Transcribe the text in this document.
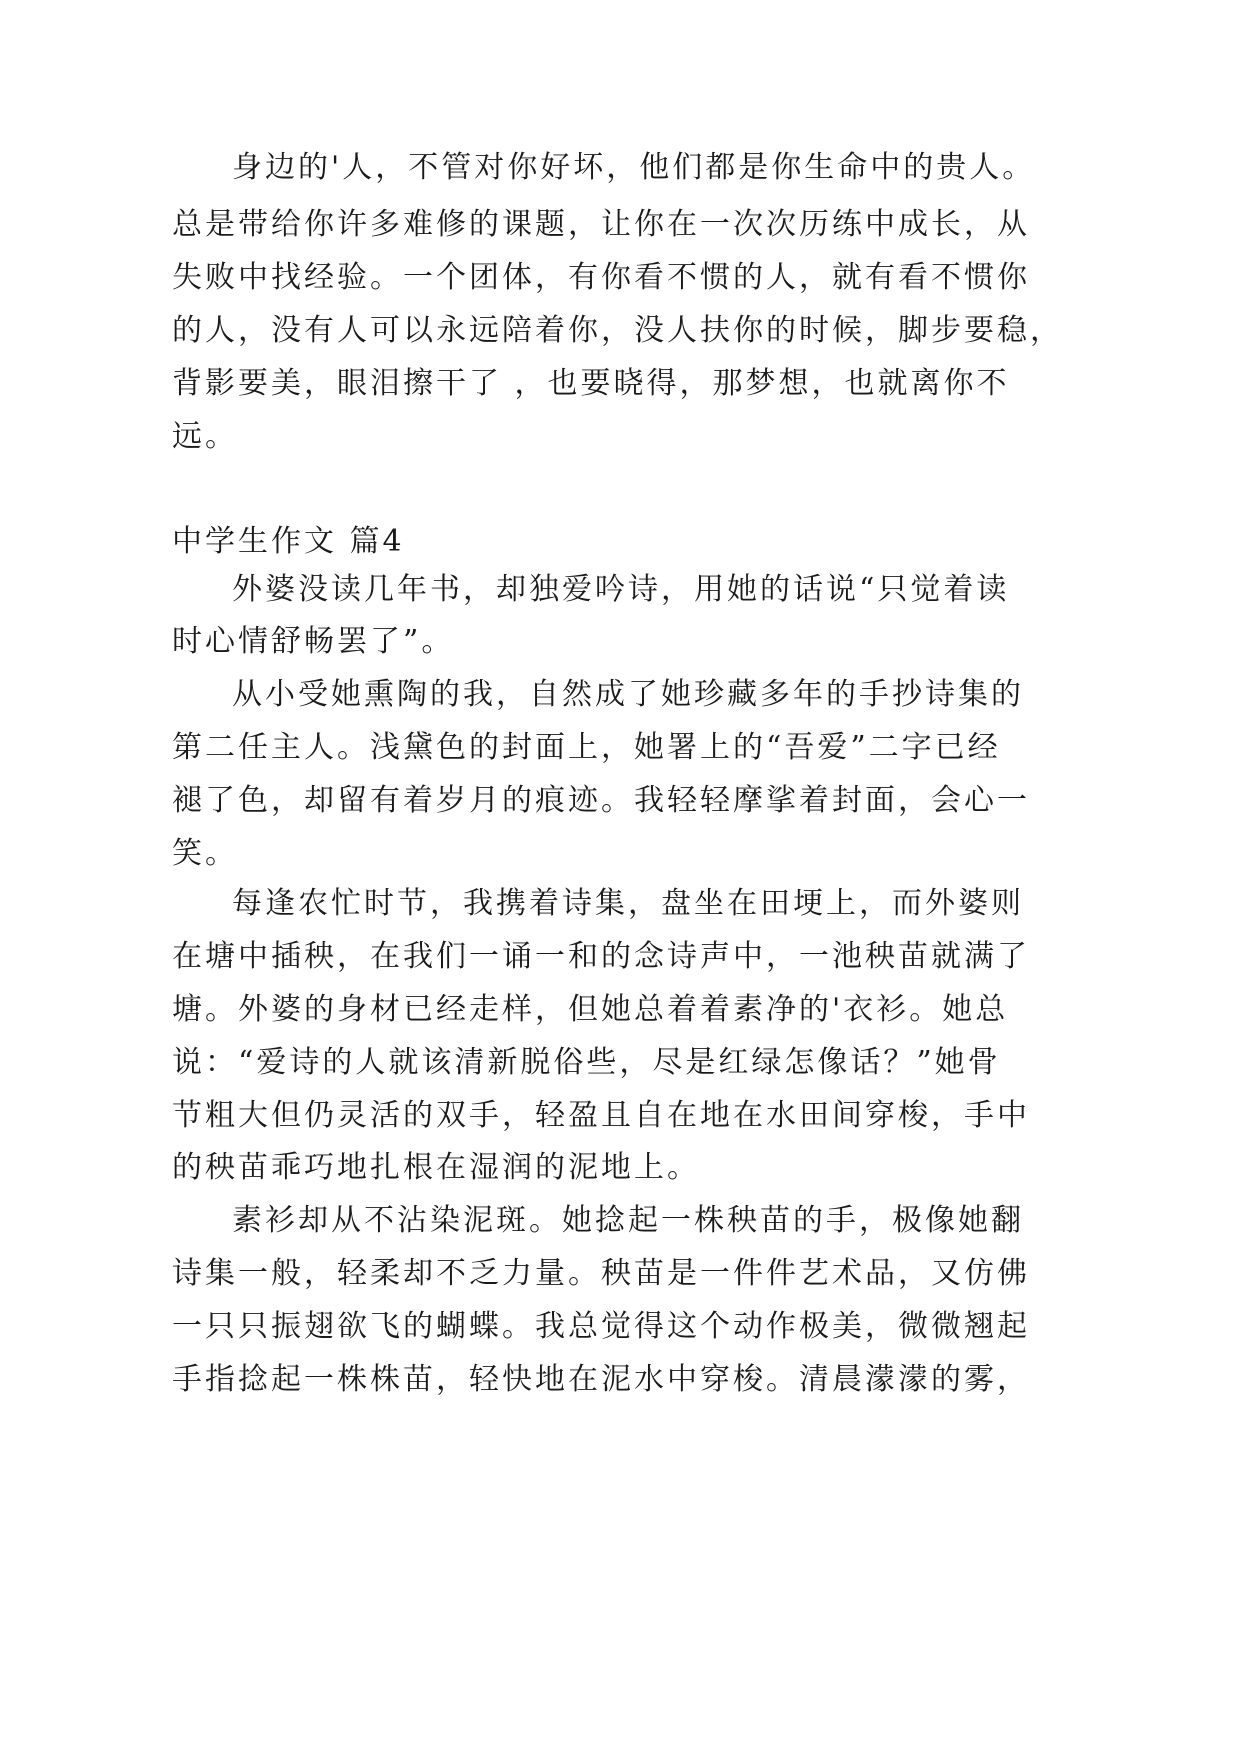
身边的'人，不管对你好坏，他们都是你生命中的贵人。
总是带给你许多难修的课题，让你在一次次历练中成长，从
失败中找经验。一个团体，有你看不惯的人，就有看不惯你
的人，没有人可以永远陪着你，没人扶你的时候，脚步要稳，
背影要美，眼泪擦干了 ，也要晓得，那梦想，也就离你不
远。
中学生作文 篇4
外婆没读几年书，却独爱吟诗，用她的话说“只觉着读
时心情舒畅罢了”。
从小受她熏陶的我，自然成了她珍藏多年的手抄诗集的
第二任主人。浅黛色的封面上，她署上的“吾爱”二字已经
褪了色，却留有着岁月的痕迹。我轻轻摩挲着封面，会心一
笑。
每逢农忙时节，我携着诗集，盘坐在田埂上，而外婆则
在塘中插秧，在我们一诵一和的念诗声中，一池秧苗就满了
塘。外婆的身材已经走样，但她总着着素净的'衣衫。她总
说：“爱诗的人就该清新脱俗些，尽是红绿怎像话？”她骨
节粗大但仍灵活的双手，轻盈且自在地在水田间穿梭，手中
的秧苗乖巧地扎根在湿润的泥地上。
素衫却从不沾染泥斑。她捻起一株秧苗的手，极像她翻
诗集一般，轻柔却不乏力量。秧苗是一件件艺术品，又仿佛
一只只振翅欲飞的蝴蝶。我总觉得这个动作极美，微微翘起
手指捻起一株株苗，轻快地在泥水中穿梭。清晨濛濛的雾，
